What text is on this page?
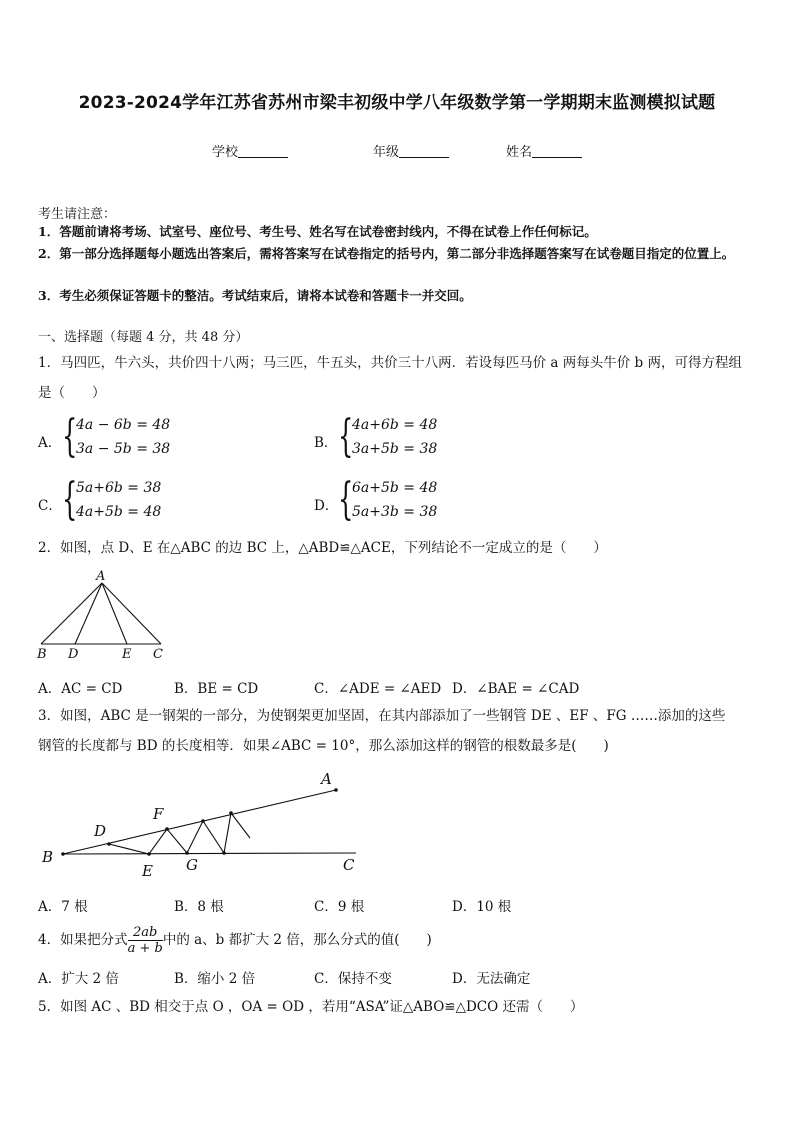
2023-2024学年江苏省苏州市梁丰初级中学八年级数学第一学期期末监测模拟试题
学校	年级	姓名
考生请注意：
1．答题前请将考场、试室号、座位号、考生号、姓名写在试卷密封线内，不得在试卷上作任何标记。
2．第一部分选择题每小题选出答案后，需将答案写在试卷指定的括号内，第二部分非选择题答案写在试卷题目指定的位置上。
3．考生必须保证答题卡的整洁。考试结束后，请将本试卷和答题卡一并交回。
一、选择题（每题 4 分，共 48 分）
1．马四匹，牛六头，共价四十八两；马三匹，牛五头，共价三十八两．若设每匹马价 a 两每头牛价 b 两，可得方程组
是（　　）
A． {
4a − 6b = 48
3a − 5b = 38	B． {
4a+6b = 48
3a+5b = 38
C． {
5a+6b = 38
4a+5b = 48	D． {
6a+5b = 48
5a+3b = 38
2．如图，点 D、E 在△ABC 的边 BC 上，△ABD≌△ACE，下列结论不一定成立的是（　　）
A
B D	E C
A．AC = CD	B．BE = CD	C．∠ADE = ∠AED D．∠BAE = ∠CAD
3．如图，ABC 是一钢架的一部分，为使钢架更加坚固，在其内部添加了一些钢管 DE 、EF 、FG ……添加的这些
钢管的长度都与 BD 的长度相等．如果∠ABC = 10°，那么添加这样的钢管的根数最多是(　　)
A
F
D
B
E G	C
A．7 根	B．8 根	C．9 根	D．10 根
4．如果把分式 $\frac{2ab}{a + b}$ 中的 a、b 都扩大 2 倍，那么分式的值(　　)
A．扩大 2 倍	B．缩小 2 倍	C．保持不变	D．无法确定
5．如图 AC 、BD 相交于点 O ，OA = OD ，若用“ASA”证△ABO≌△DCO 还需（　　）
